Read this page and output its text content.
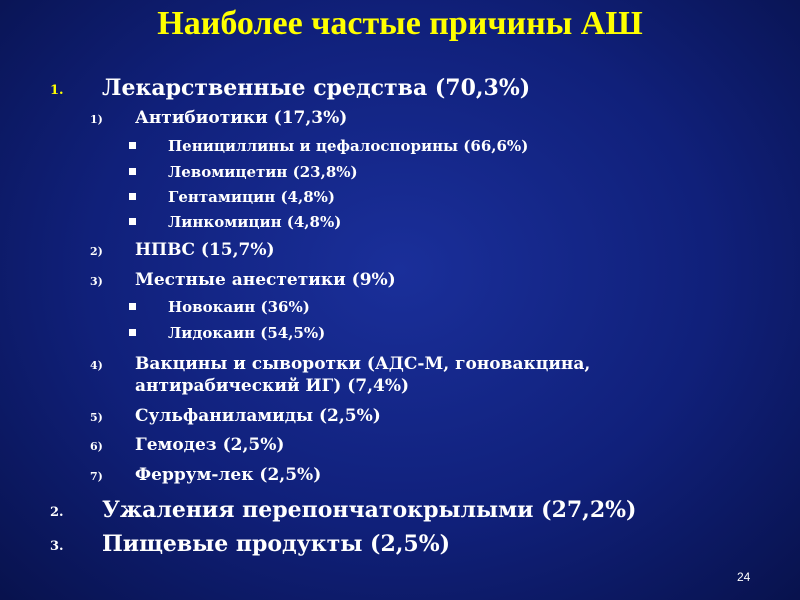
Наиболее частые причины АШ
1. Лекарственные средства (70,3%)
1) Антибиотики (17,3%)
Пенициллины и цефалоспорины (66,6%)
Левомицетин (23,8%)
Гентамицин (4,8%)
Линкомицин (4,8%)
2) НПВС (15,7%)
3) Местные анестетики (9%)
Новокаин (36%)
Лидокаин (54,5%)
4) Вакцины и сыворотки (АДС-М, гоновакцина,
антирабический ИГ) (7,4%)
5) Сульфаниламиды (2,5%)
6) Гемодез (2,5%)
7) Феррум-лек (2,5%)
2. Ужаления перепончатокрылыми (27,2%)
3. Пищевые продукты (2,5%)
24
